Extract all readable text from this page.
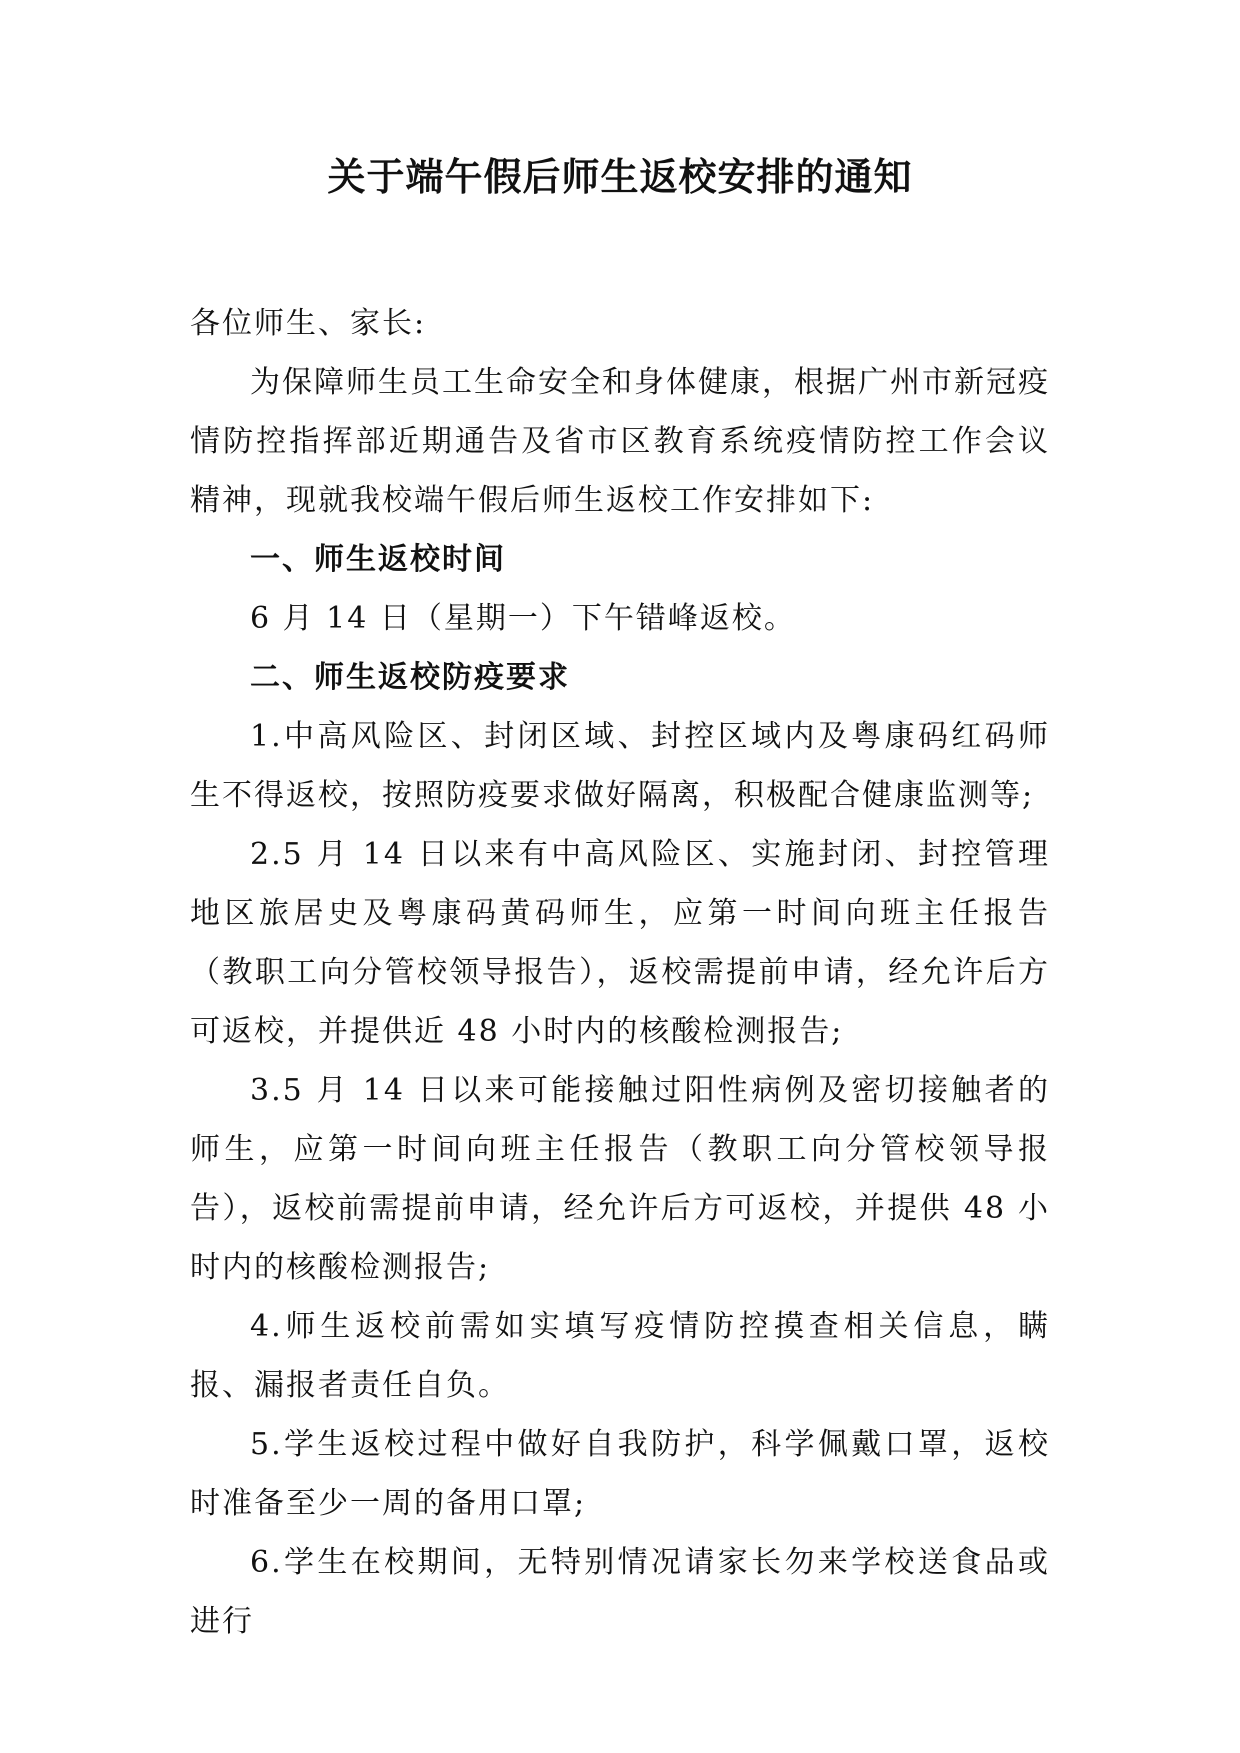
关于端午假后师生返校安排的通知

各位师生、家长:

为保障师生员工生命安全和身体健康，根据广州市新冠疫情防控指挥部近期通告及省市区教育系统疫情防控工作会议精神，现就我校端午假后师生返校工作安排如下:

一、师生返校时间

6 月 14 日（星期一）下午错峰返校。

二、师生返校防疫要求

1.中高风险区、封闭区域、封控区域内及粤康码红码师生不得返校，按照防疫要求做好隔离，积极配合健康监测等;

2.5 月 14 日以来有中高风险区、实施封闭、封控管理地区旅居史及粤康码黄码师生，应第一时间向班主任报告（教职工向分管校领导报告），返校需提前申请，经允许后方可返校，并提供近 48 小时内的核酸检测报告;

3.5 月 14 日以来可能接触过阳性病例及密切接触者的师生，应第一时间向班主任报告（教职工向分管校领导报告），返校前需提前申请，经允许后方可返校，并提供 48 小时内的核酸检测报告;

4.师生返校前需如实填写疫情防控摸查相关信息，瞒报、漏报者责任自负。

5.学生返校过程中做好自我防护，科学佩戴口罩，返校时准备至少一周的备用口罩;

6.学生在校期间，无特别情况请家长勿来学校送食品或进行
